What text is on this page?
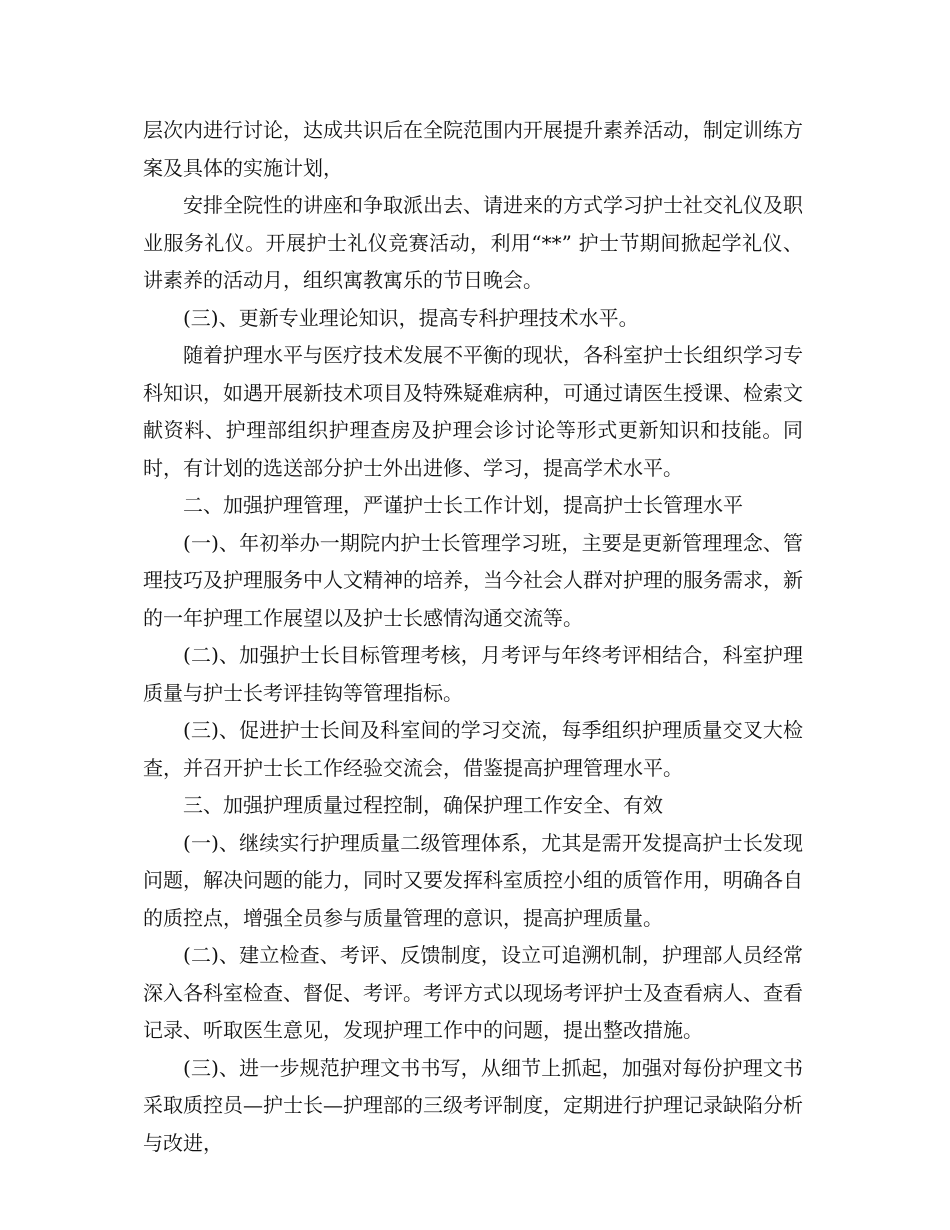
层次内进行讨论，达成共识后在全院范围内开展提升素养活动，制定训练方案及具体的实施计划，

安排全院性的讲座和争取派出去、请进来的方式学习护士社交礼仪及职业服务礼仪。开展护士礼仪竞赛活动，利用“**” 护士节期间掀起学礼仪、讲素养的活动月，组织寓教寓乐的节日晚会。

(三)、更新专业理论知识，提高专科护理技术水平。

随着护理水平与医疗技术发展不平衡的现状，各科室护士长组织学习专科知识，如遇开展新技术项目及特殊疑难病种，可通过请医生授课、检索文献资料、护理部组织护理查房及护理会诊讨论等形式更新知识和技能。同时，有计划的选送部分护士外出进修、学习，提高学术水平。

二、加强护理管理，严谨护士长工作计划，提高护士长管理水平

(一)、年初举办一期院内护士长管理学习班，主要是更新管理理念、管理技巧及护理服务中人文精神的培养，当今社会人群对护理的服务需求，新的一年护理工作展望以及护士长感情沟通交流等。

(二)、加强护士长目标管理考核，月考评与年终考评相结合，科室护理质量与护士长考评挂钩等管理指标。

(三)、促进护士长间及科室间的学习交流，每季组织护理质量交叉大检查，并召开护士长工作经验交流会，借鉴提高护理管理水平。

三、加强护理质量过程控制，确保护理工作安全、有效

(一)、继续实行护理质量二级管理体系，尤其是需开发提高护士长发现问题，解决问题的能力，同时又要发挥科室质控小组的质管作用，明确各自的质控点，增强全员参与质量管理的意识，提高护理质量。

(二)、建立检查、考评、反馈制度，设立可追溯机制，护理部人员经常深入各科室检查、督促、考评。考评方式以现场考评护士及查看病人、查看记录、听取医生意见，发现护理工作中的问题，提出整改措施。

(三)、进一步规范护理文书书写，从细节上抓起，加强对每份护理文书采取质控员—护士长—护理部的三级考评制度，定期进行护理记录缺陷分析与改进，
